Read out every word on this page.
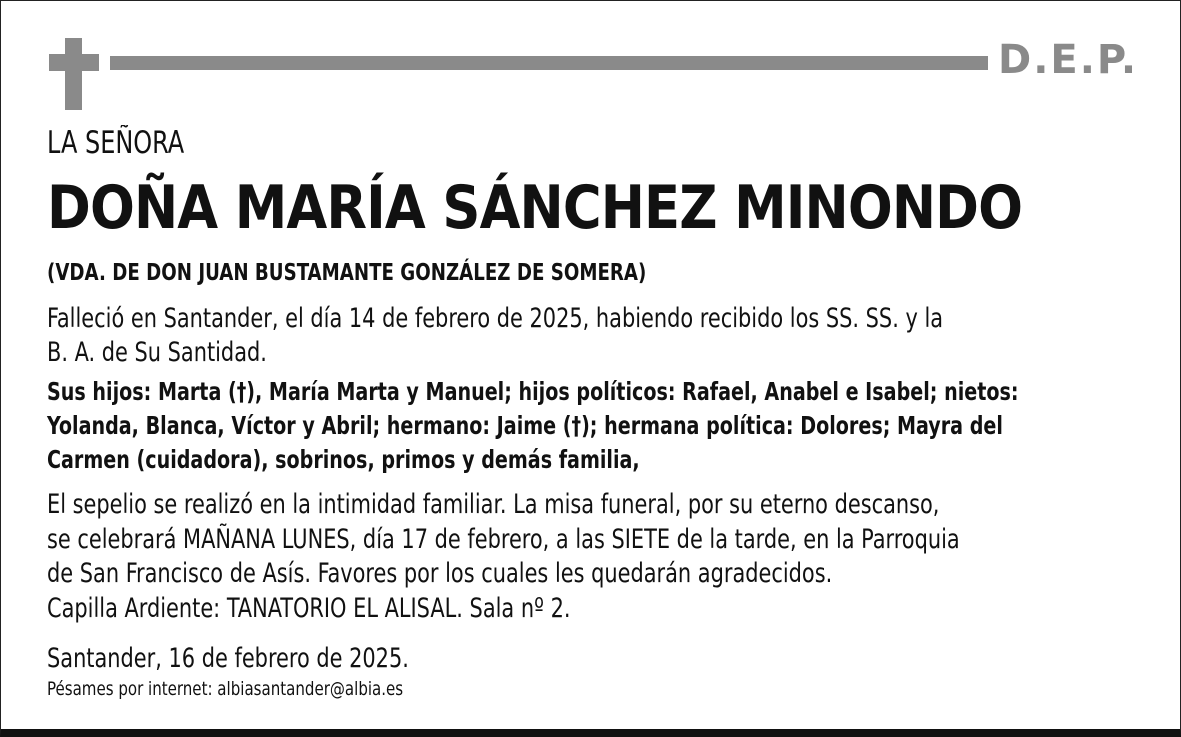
D.E.P.

LA SEÑORA

DOÑA MARÍA SÁNCHEZ MINONDO

(VDA. DE DON JUAN BUSTAMANTE GONZÁLEZ DE SOMERA)

Falleció en Santander, el día 14 de febrero de 2025, habiendo recibido los SS. SS. y la
B. A. de Su Santidad.
Sus hijos: Marta (†), María Marta y Manuel; hijos políticos: Rafael, Anabel e Isabel; nietos:
Yolanda, Blanca, Víctor y Abril; hermano: Jaime (†); hermana política: Dolores; Mayra del
Carmen (cuidadora), sobrinos, primos y demás familia,
El sepelio se realizó en la intimidad familiar. La misa funeral, por su eterno descanso,
se celebrará MAÑANA LUNES, día 17 de febrero, a las SIETE de la tarde, en la Parroquia
de San Francisco de Asís. Favores por los cuales les quedarán agradecidos.
Capilla Ardiente: TANATORIO EL ALISAL. Sala nº 2.

Santander, 16 de febrero de 2025.

Pésames por internet: albiasantander@albia.es
